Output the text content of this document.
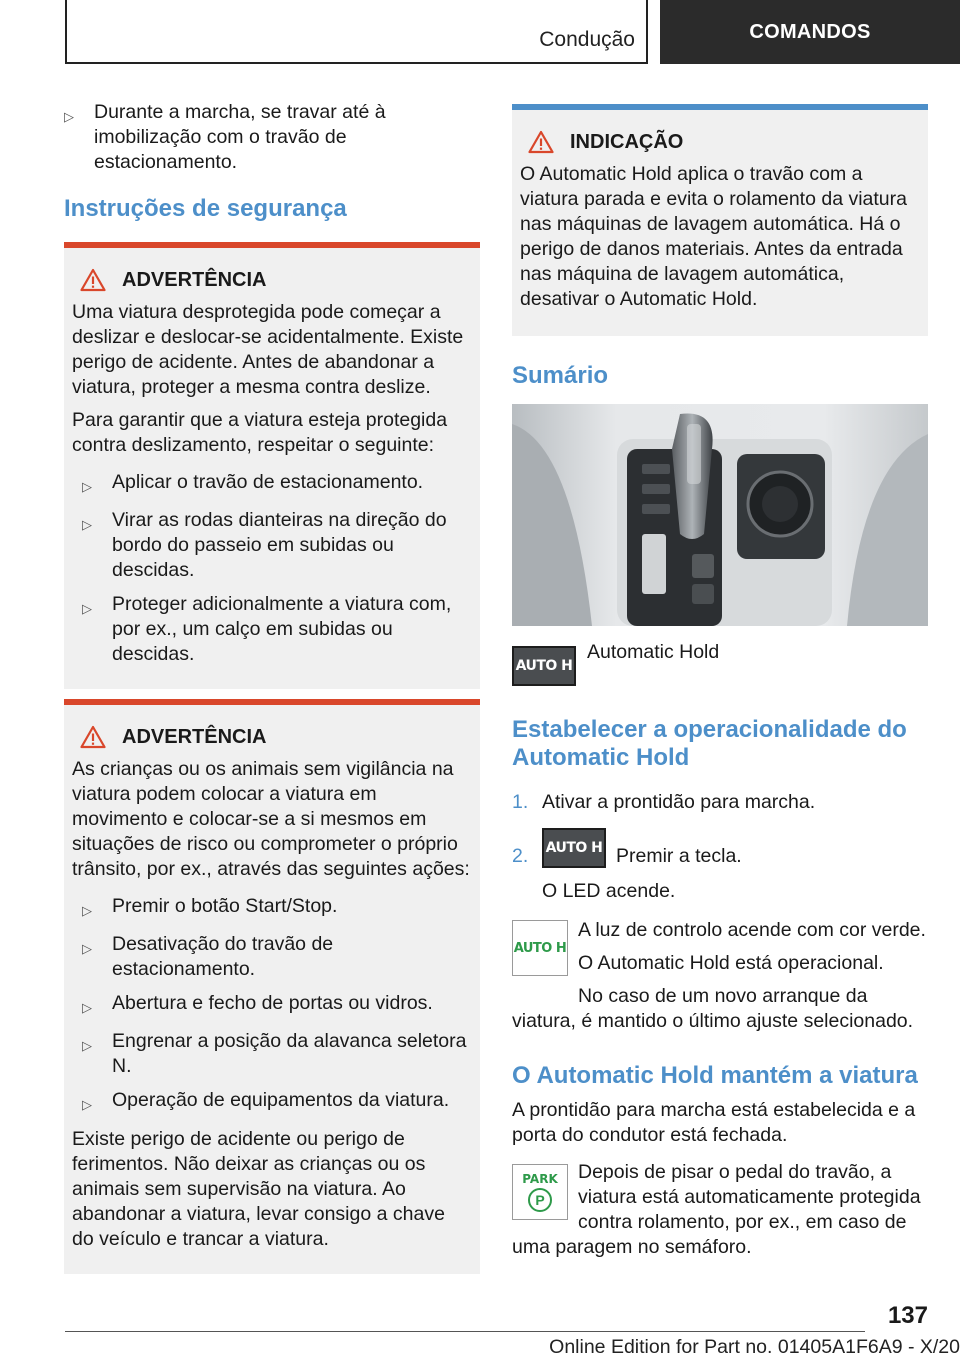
Condução	COMANDOS
▷	Durante a marcha, se travar até à imobilização com o travão de estacionamento.
Instruções de segurança
ADVERTÊNCIA

Uma viatura desprotegida pode começar a deslizar e deslocar-se acidentalmente. Existe perigo de acidente. Antes de abandonar a viatura, proteger a mesma contra deslize.

Para garantir que a viatura esteja protegida contra deslizamento, respeitar o seguinte:

▷	Aplicar o travão de estacionamento.
▷	Virar as rodas dianteiras na direção do bordo do passeio em subidas ou descidas.
▷	Proteger adicionalmente a viatura com, por ex., um calço em subidas ou descidas.
ADVERTÊNCIA

As crianças ou os animais sem vigilância na viatura podem colocar a viatura em movimento e colocar-se a si mesmos em situações de risco ou comprometer o próprio trânsito, por ex., através das seguintes ações:

▷	Premir o botão Start/Stop.
▷	Desativação do travão de estacionamento.
▷	Abertura e fecho de portas ou vidros.
▷	Engrenar a posição da alavanca seletora N.
▷	Operação de equipamentos da viatura.

Existe perigo de acidente ou perigo de ferimentos. Não deixar as crianças ou os animais sem supervisão na viatura. Ao abandonar a viatura, levar consigo a chave do veículo e trancar a viatura.

INDICAÇÃO

O Automatic Hold aplica o travão com a viatura parada e evita o rolamento da viatura nas máquinas de lavagem automática. Há o perigo de danos materiais. Antes da entrada nas máquina de lavagem automática, desativar o Automatic Hold.

Sumário
AUTO H

Automatic Hold

Estabelecer a operacionalidade do Automatic Hold
1. Ativar a prontidão para marcha.
2.	AUTO H Premir a tecla.

O LED acende.

AUTO H

A luz de controlo acende com cor verde.

O Automatic Hold está operacional.

No caso de um novo arranque da viatura, é mantido o último ajuste selecionado.

O Automatic Hold mantém a viatura

A prontidão para marcha está estabelecida e a porta do condutor está fechada.

PARK
P

Depois de pisar o pedal do travão, a viatura está automaticamente protegida contra rolamento, por ex., em caso de uma paragem no semáforo.

137
Online Edition for Part no. 01405A1F6A9 - X/20
